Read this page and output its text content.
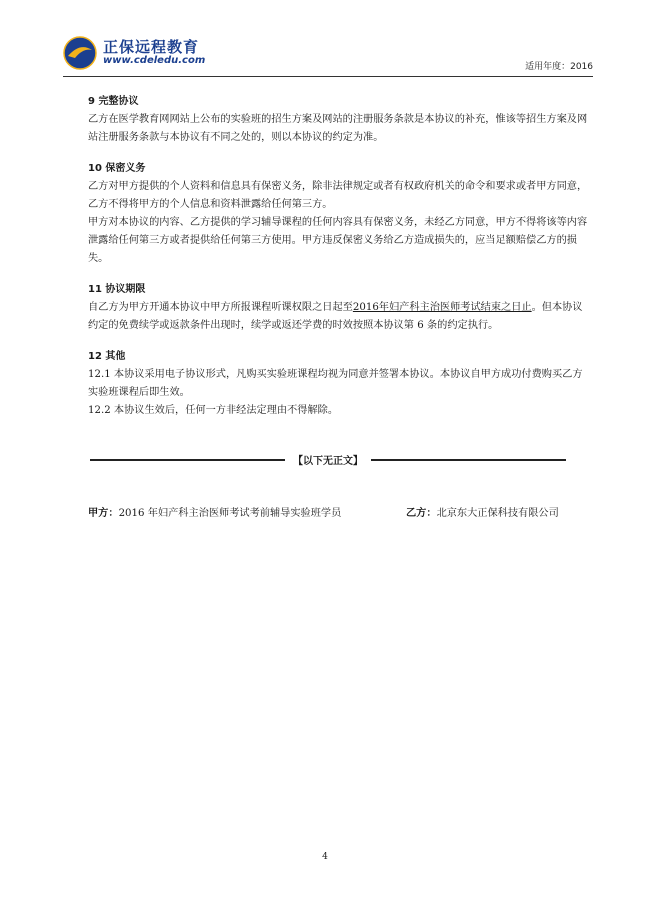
正保远程教育
www.cdeledu.com
适用年度：2016
9 完整协议

乙方在医学教育网网站上公布的实验班的招生方案及网站的注册服务条款是本协议的补充，惟该等招生方案及网站注册服务条款与本协议有不同之处的，则以本协议的约定为准。

10 保密义务

乙方对甲方提供的个人资料和信息具有保密义务，除非法律规定或者有权政府机关的命令和要求或者甲方同意，乙方不得将甲方的个人信息和资料泄露给任何第三方。

甲方对本协议的内容、乙方提供的学习辅导课程的任何内容具有保密义务，未经乙方同意，甲方不得将该等内容泄露给任何第三方或者提供给任何第三方使用。甲方违反保密义务给乙方造成损失的，应当足额赔偿乙方的损失。

11 协议期限

自乙方为甲方开通本协议中甲方所报课程听课权限之日起至2016年妇产科主治医师考试结束之日止。但本协议约定的免费续学或返款条件出现时，续学或返还学费的时效按照本协议第 6 条的约定执行。

12 其他

12.1 本协议采用电子协议形式，凡购买实验班课程均视为同意并签署本协议。本协议自甲方成功付费购买乙方实验班课程后即生效。

12.2 本协议生效后，任何一方非经法定理由不得解除。

【以下无正文】
甲方：2016 年妇产科主治医师考试考前辅导实验班学员	乙方：北京东大正保科技有限公司
4
